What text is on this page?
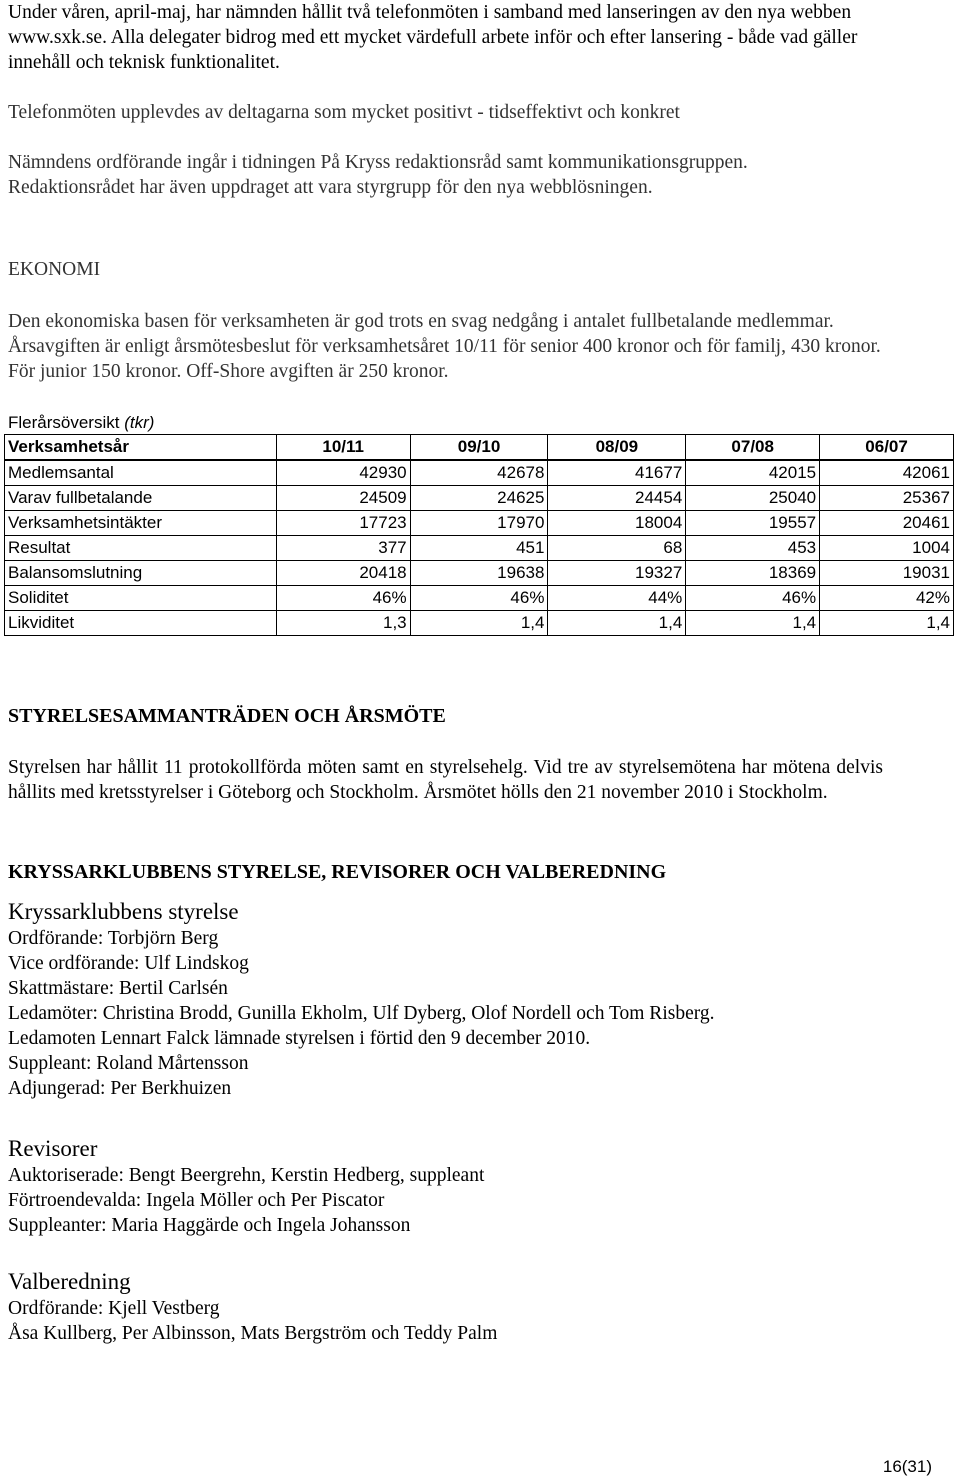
Under våren, april-maj, har nämnden hållit två telefonmöten i samband med lanseringen av den nya webben www.sxk.se. Alla delegater bidrog med ett mycket värdefull arbete inför och efter lansering - både vad gäller innehåll och teknisk funktionalitet.

Telefonmöten upplevdes av deltagarna som mycket positivt - tidseffektivt och konkret

Nämndens ordförande ingår i tidningen På Kryss redaktionsråd samt kommunikationsgruppen.

Redaktionsrådet har även uppdraget att vara styrgrupp för den nya webblösningen.

EKONOMI

Den ekonomiska basen för verksamheten är god trots en svag nedgång i antalet fullbetalande medlemmar. Årsavgiften är enligt årsmötesbeslut för verksamhetsåret 10/11 för senior 400 kronor och för familj, 430 kronor. För junior 150 kronor. Off-Shore avgiften är 250 kronor.

Flerårsöversikt (tkr)

Verksamhetsår	10/11	09/10	08/09	07/08	06/07

Medlemsantal	42930	42678	41677	42015	42061
Varav fullbetalande	24509	24625	24454	25040	25367
Verksamhetsintäkter	17723	17970	18004	19557	20461
Resultat	377	451	68	453	1004
Balansomslutning	20418	19638	19327	18369	19031
Soliditet	46%	46%	44%	46%	42%
Likviditet	1,3	1,4	1,4	1,4	1,4

STYRELSESAMMANTRÄDEN OCH ÅRSMÖTE

Styrelsen har hållit 11 protokollförda möten samt en styrelsehelg. Vid tre av styrelsemötena har mötena delvis hållits med kretsstyrelser i Göteborg och Stockholm. Årsmötet hölls den 21 november 2010 i Stockholm.

KRYSSARKLUBBENS STYRELSE, REVISORER OCH VALBEREDNING

Kryssarklubbens styrelse

Ordförande: Torbjörn Berg

Vice ordförande: Ulf Lindskog

Skattmästare: Bertil Carlsén

Ledamöter: Christina Brodd, Gunilla Ekholm, Ulf Dyberg, Olof Nordell och Tom Risberg.

Ledamoten Lennart Falck lämnade styrelsen i förtid den 9 december 2010.

Suppleant: Roland Mårtensson

Adjungerad: Per Berkhuizen

Revisorer

Auktoriserade: Bengt Beergrehn, Kerstin Hedberg, suppleant

Förtroendevalda: Ingela Möller och Per Piscator

Suppleanter: Maria Haggärde och Ingela Johansson

Valberedning

Ordförande: Kjell Vestberg

Åsa Kullberg, Per Albinsson, Mats Bergström och Teddy Palm

16(31)
